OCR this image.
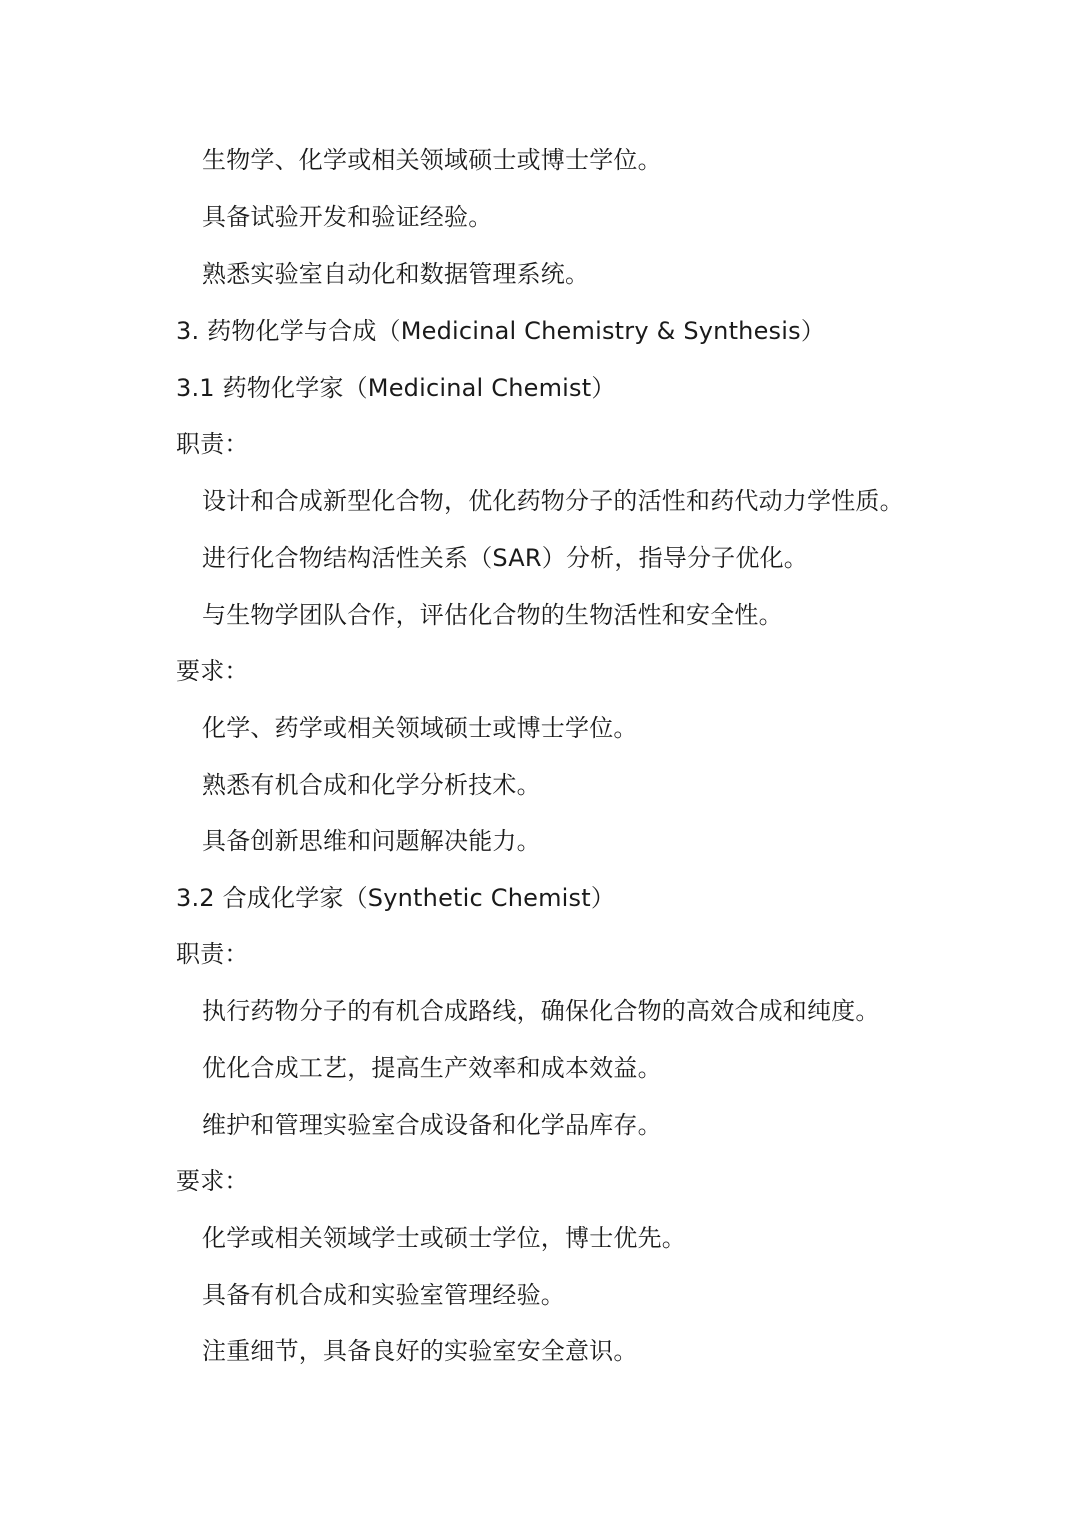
生物学、化学或相关领域硕士或博士学位。
具备试验开发和验证经验。
熟悉实验室自动化和数据管理系统。
3. 药物化学与合成（Medicinal Chemistry & Synthesis）
3.1 药物化学家（Medicinal Chemist）
职责：
设计和合成新型化合物，优化药物分子的活性和药代动力学性质。
进行化合物结构活性关系（SAR）分析，指导分子优化。
与生物学团队合作，评估化合物的生物活性和安全性。
要求：
化学、药学或相关领域硕士或博士学位。
熟悉有机合成和化学分析技术。
具备创新思维和问题解决能力。
3.2 合成化学家（Synthetic Chemist）
职责：
执行药物分子的有机合成路线，确保化合物的高效合成和纯度。
优化合成工艺，提高生产效率和成本效益。
维护和管理实验室合成设备和化学品库存。
要求：
化学或相关领域学士或硕士学位，博士优先。
具备有机合成和实验室管理经验。
注重细节，具备良好的实验室安全意识。
